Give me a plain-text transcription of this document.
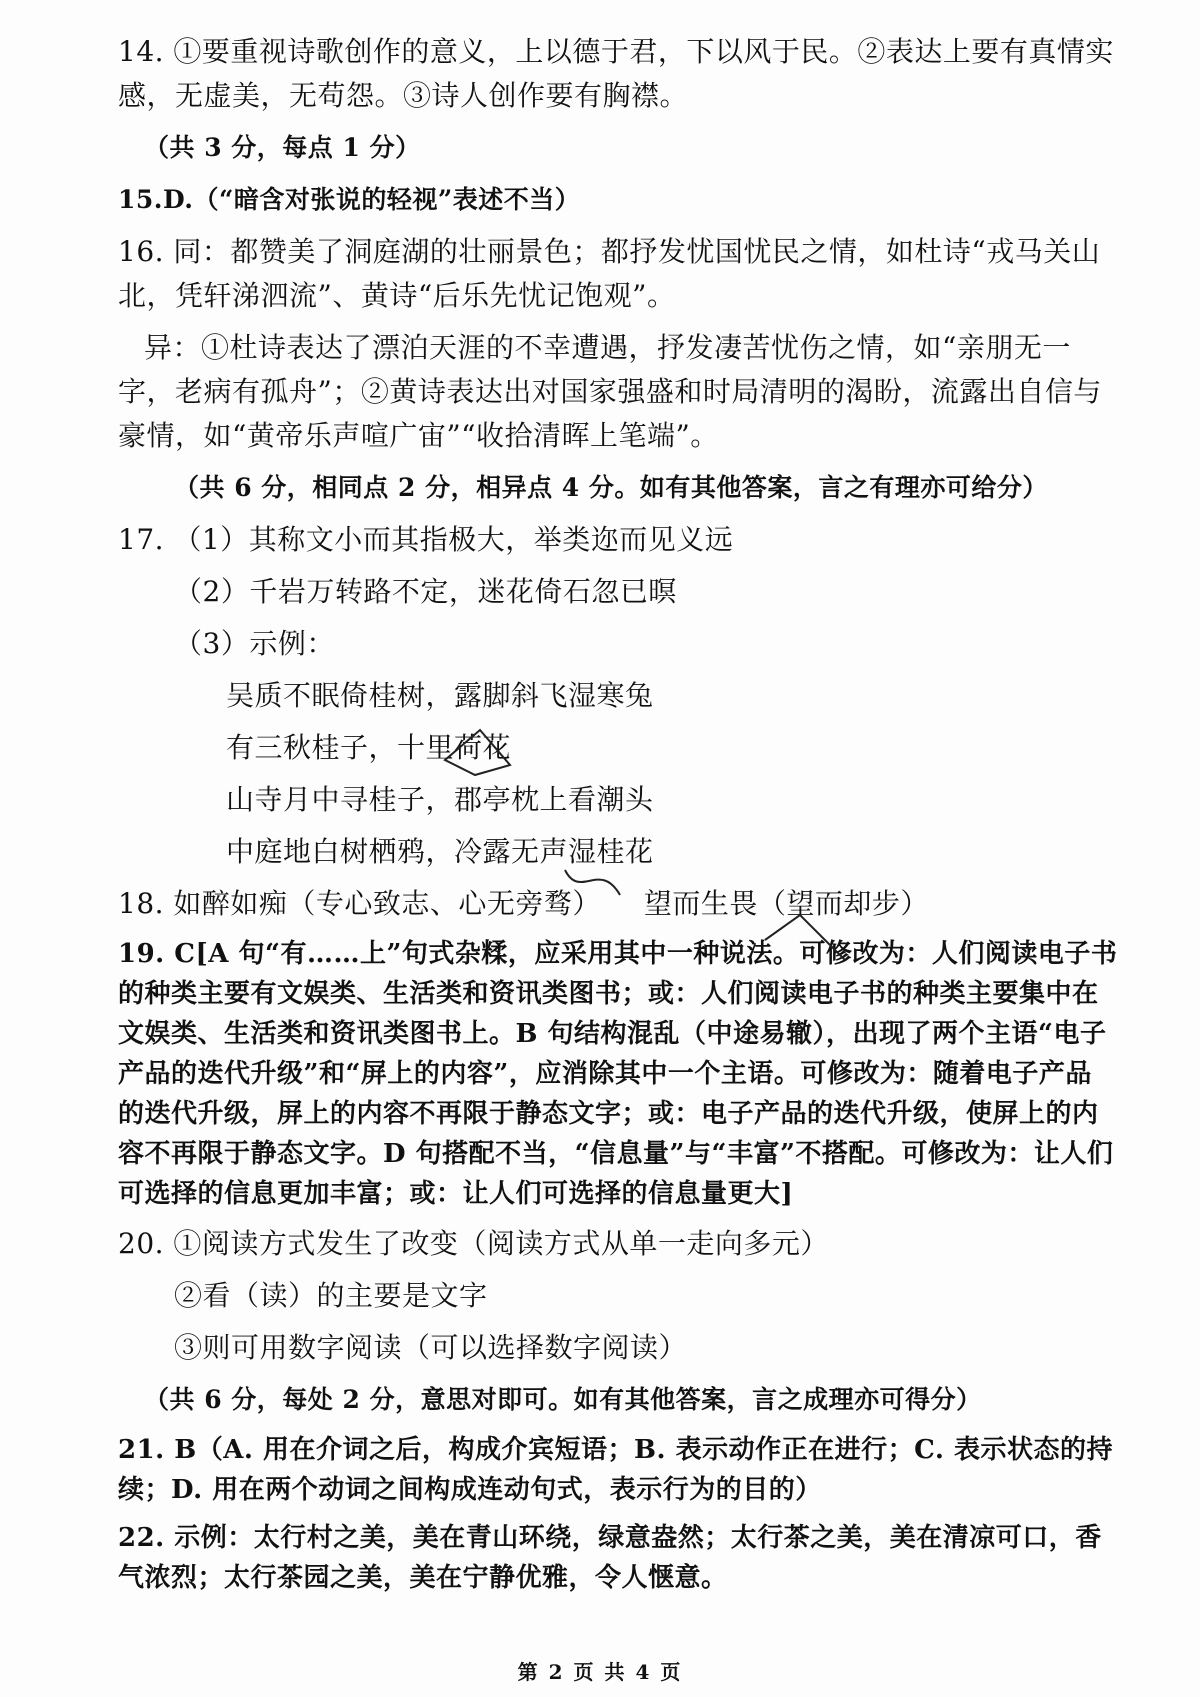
14. ①要重视诗歌创作的意义，上以德于君，下以风于民。②表达上要有真情实感，无虚美，无苟怨。③诗人创作要有胸襟。

（共 3 分，每点 1 分）

15.D.（“暗含对张说的轻视”表述不当）

16. 同：都赞美了洞庭湖的壮丽景色；都抒发忧国忧民之情，如杜诗“戎马关山北，凭轩涕泗流”、黄诗“后乐先忧记饱观”。

异：①杜诗表达了漂泊天涯的不幸遭遇，抒发凄苦忧伤之情，如“亲朋无一字，老病有孤舟”；②黄诗表达出对国家强盛和时局清明的渴盼，流露出自信与豪情，如“黄帝乐声喧广宙”“收拾清晖上笔端”。

（共 6 分，相同点 2 分，相异点 4 分。如有其他答案，言之有理亦可给分）

17. （1）其称文小而其指极大，举类迩而见义远

（2）千岩万转路不定，迷花倚石忽已暝

（3）示例：

吴质不眠倚桂树，露脚斜飞湿寒兔

有三秋桂子，十里荷花

山寺月中寻桂子，郡亭枕上看潮头

中庭地白树栖鸦，冷露无声湿桂花

18. 如醉如痴（专心致志、心无旁骛）　　望而生畏（望而却步）

19. C[A 句“有……上”句式杂糅，应采用其中一种说法。可修改为：人们阅读电子书的种类主要有文娱类、生活类和资讯类图书；或：人们阅读电子书的种类主要集中在文娱类、生活类和资讯类图书上。B 句结构混乱（中途易辙），出现了两个主语“电子产品的迭代升级”和“屏上的内容”，应消除其中一个主语。可修改为：随着电子产品的迭代升级，屏上的内容不再限于静态文字；或：电子产品的迭代升级，使屏上的内容不再限于静态文字。D 句搭配不当，“信息量”与“丰富”不搭配。可修改为：让人们可选择的信息更加丰富；或：让人们可选择的信息量更大]

20. ①阅读方式发生了改变（阅读方式从单一走向多元）

②看（读）的主要是文字

③则可用数字阅读（可以选择数字阅读）

（共 6 分，每处 2 分，意思对即可。如有其他答案，言之成理亦可得分）

21. B（A. 用在介词之后，构成介宾短语；B. 表示动作正在进行；C. 表示状态的持续；D. 用在两个动词之间构成连动句式，表示行为的目的）

22. 示例：太行村之美，美在青山环绕，绿意盎然；太行茶之美，美在清凉可口，香气浓烈；太行茶园之美，美在宁静优雅，令人惬意。

第 2 页 共 4 页
